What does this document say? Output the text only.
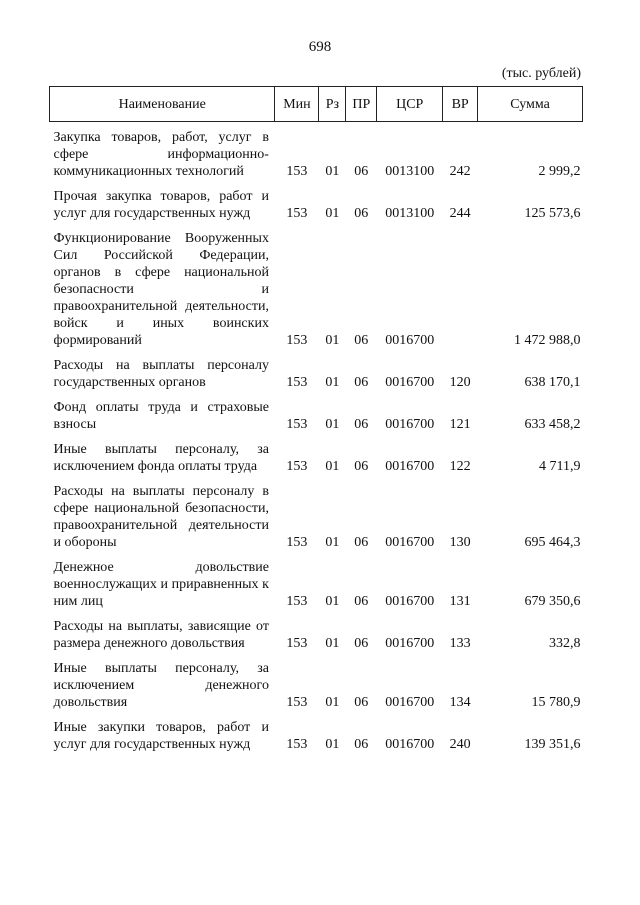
698
(тыс. рублей)
Наименование	Мин	Рз	ПР	ЦСР	ВР	Сумма
Закупка товаров, работ, услуг в сфере информационно-коммуникационных технологий	153	01	06	0013100	242	2 999,2
Прочая закупка товаров, работ и услуг для государственных нужд	153	01	06	0013100	244	125 573,6
Функционирование Вооруженных Сил Российской Федерации, органов в сфере национальной безопасности и правоохранительной деятельности, войск и иных воинских формирований	153	01	06	0016700		1 472 988,0
Расходы на выплаты персоналу государственных органов	153	01	06	0016700	120	638 170,1
Фонд оплаты труда и страховые взносы	153	01	06	0016700	121	633 458,2
Иные выплаты персоналу, за исключением фонда оплаты труда	153	01	06	0016700	122	4 711,9
Расходы на выплаты персоналу в сфере национальной безопасности, правоохранительной деятельности и обороны	153	01	06	0016700	130	695 464,3
Денежное довольствие военнослужащих и приравненных к ним лиц	153	01	06	0016700	131	679 350,6
Расходы на выплаты, зависящие от размера денежного довольствия	153	01	06	0016700	133	332,8
Иные выплаты персоналу, за исключением денежного довольствия	153	01	06	0016700	134	15 780,9
Иные закупки товаров, работ и услуг для государственных нужд	153	01	06	0016700	240	139 351,6
